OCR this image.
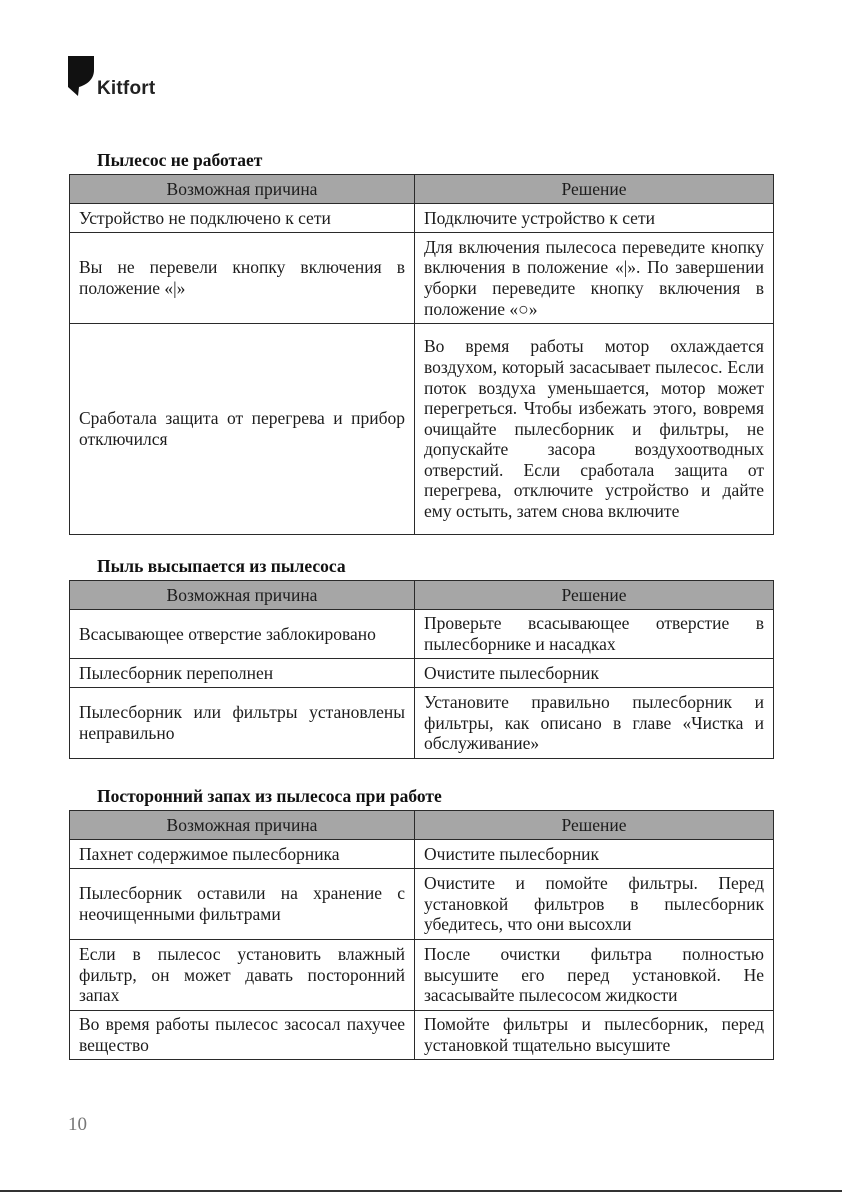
Kitfort
Пылесос не работает
Возможная причина	Решение
Устройство не подключено к сети	Подключите устройство к сети
Вы не перевели кнопку включения в положение «|»	Для включения пылесоса переведите кнопку включения в положение «|». По завершении уборки переведите кнопку включения в положение «○»
Сработала защита от перегрева и прибор отключился	Во время работы мотор охлаждается воздухом, который засасывает пылесос. Если поток воздуха уменьшается, мотор может перегреться. Чтобы избежать этого, вовремя очищайте пылесборник и фильтры, не допускайте засора воздухоотводных отверстий. Если сработала защита от перегрева, отключите устройство и дайте ему остыть, затем снова включите
Пыль высыпается из пылесоса
Возможная причина	Решение
Всасывающее отверстие заблокировано	Проверьте всасывающее отверстие в пылесборнике и насадках
Пылесборник переполнен	Очистите пылесборник
Пылесборник или фильтры установлены неправильно	Установите правильно пылесборник и фильтры, как описано в главе «Чистка и обслуживание»
Посторонний запах из пылесоса при работе
Возможная причина	Решение
Пахнет содержимое пылесборника	Очистите пылесборник
Пылесборник оставили на хранение с неочищенными фильтрами	Очистите и помойте фильтры. Перед установкой фильтров в пылесборник убедитесь, что они высохли
Если в пылесос установить влажный фильтр, он может давать посторонний запах	После очистки фильтра полностью высушите его перед установкой. Не засасывайте пылесосом жидкости
Во время работы пылесос засосал пахучее вещество	Помойте фильтры и пылесборник, перед установкой тщательно высушите
10
